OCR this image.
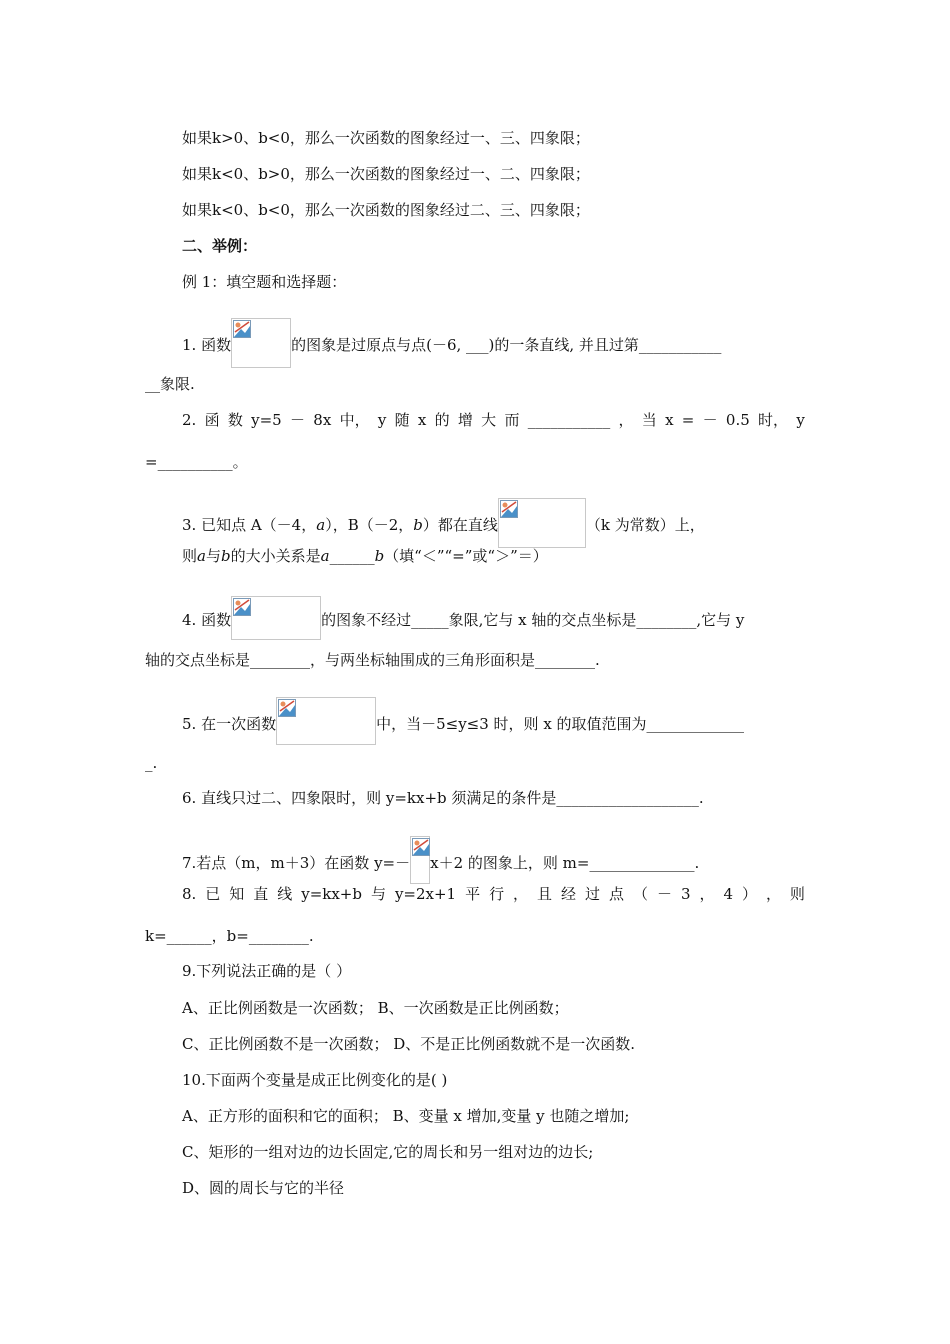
如果k>0、b<0，那么一次函数的图象经过一、三、四象限；
如果k<0、b>0，那么一次函数的图象经过一、二、四象限；
如果k<0、b<0，那么一次函数的图象经过二、三、四象限；
二、举例：
例 1：填空题和选择题：
1. 函数	的图象是过原点与点(－6, ___)的一条直线, 并且过第___________
__象限.
2. 函 数 y=5 － 8x 中， y 随 x 的 增 大 而 ___________ ， 当 x = － 0.5 时， y
=__________。
3. 已知点 A（－4，a），B（－2，b）都在直线	（k 为常数）上，
则a与b的大小关系是a______b（填“＜”“=”或“＞”＝）
4. 函数	的图象不经过_____象限,它与 x 轴的交点坐标是________,它与 y
轴的交点坐标是________，与两坐标轴围成的三角形面积是________.
5. 在一次函数	中，当－5≤y≤3 时，则 x 的取值范围为_____________
_.
6. 直线只过二、四象限时，则 y=kx+b 须满足的条件是___________________.
7.若点（m，m＋3）在函数 y=－ x＋2 的图象上，则 m=______________.
8. 已 知 直 线 y=kx+b 与 y=2x+1 平 行 ， 且 经 过 点 （ － 3 ， 4 ） ， 则
k=______，b=________.
9.下列说法正确的是（ ）
A、正比例函数是一次函数； B、一次函数是正比例函数；
C、正比例函数不是一次函数； D、不是正比例函数就不是一次函数.
10.下面两个变量是成正比例变化的是( )
A、正方形的面积和它的面积； B、变量 x 增加,变量 y 也随之增加;
C、矩形的一组对边的边长固定,它的周长和另一组对边的边长;
D、圆的周长与它的半径
